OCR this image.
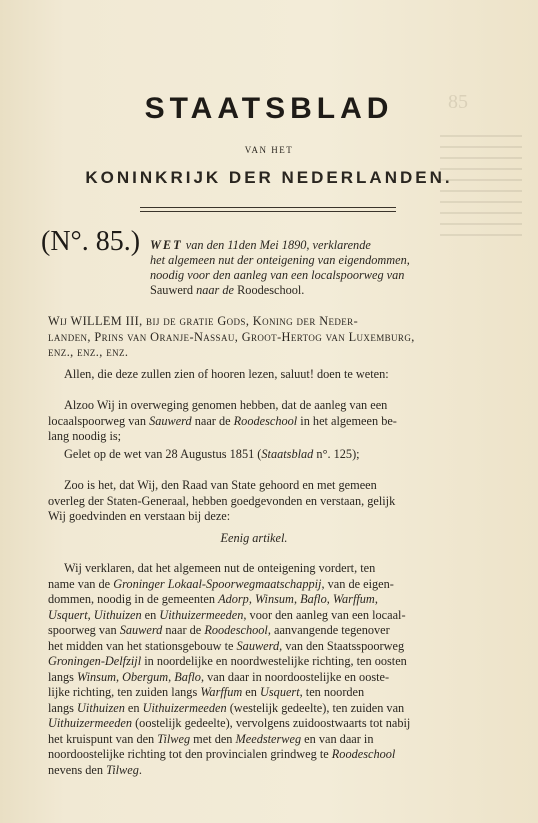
85
STAATSBLAD
VAN HET
KONINKRIJK DER NEDERLANDEN.
(N°. 85.) WET van den 11den Mei 1890, verklarende
het algemeen nut der onteigening van eigendommen,
noodig voor den aanleg van een localspoorweg van
Sauwerd naar de Roodeschool.
Wij WILLEM III, bij de gratie Gods, Koning der Neder-
landen, Prins van Oranje-Nassau, Groot-Hertog van Luxemburg,
enz., enz., enz.
Allen, die deze zullen zien of hooren lezen, saluut! doen te weten:
Alzoo Wij in overweging genomen hebben, dat de aanleg van een
locaalspoorweg van Sauwerd naar de Roodeschool in het algemeen be-
lang noodig is;
Gelet op de wet van 28 Augustus 1851 (Staatsblad n°. 125);
Zoo is het, dat Wij, den Raad van State gehoord en met gemeen
overleg der Staten-Generaal, hebben goedgevonden en verstaan, gelijk
Wij goedvinden en verstaan bij deze:
Eenig artikel.
Wij verklaren, dat het algemeen nut de onteigening vordert, ten
name van de Groninger Lokaal-Spoorwegmaatschappij, van de eigen-
dommen, noodig in de gemeenten Adorp, Winsum, Baflo, Warffum,
Usquert, Uithuizen en Uithuizermeeden, voor den aanleg van een locaal-
spoorweg van Sauwerd naar de Roodeschool, aanvangende tegenover
het midden van het stationsgebouw te Sauwerd, van den Staatsspoorweg
Groningen-Delfzijl in noordelijke en noordwestelijke richting, ten oosten
langs Winsum, Obergum, Baflo, van daar in noordoostelijke en ooste-
lijke richting, ten zuiden langs Warffum en Usquert, ten noorden
langs Uithuizen en Uithuizermeeden (westelijk gedeelte), ten zuiden van
Uithuizermeeden (oostelijk gedeelte), vervolgens zuidoostwaarts tot nabij
het kruispunt van den Tilweg met den Meedsterweg en van daar in
noordoostelijke richting tot den provincialen grindweg te Roodeschool
nevens den Tilweg.
